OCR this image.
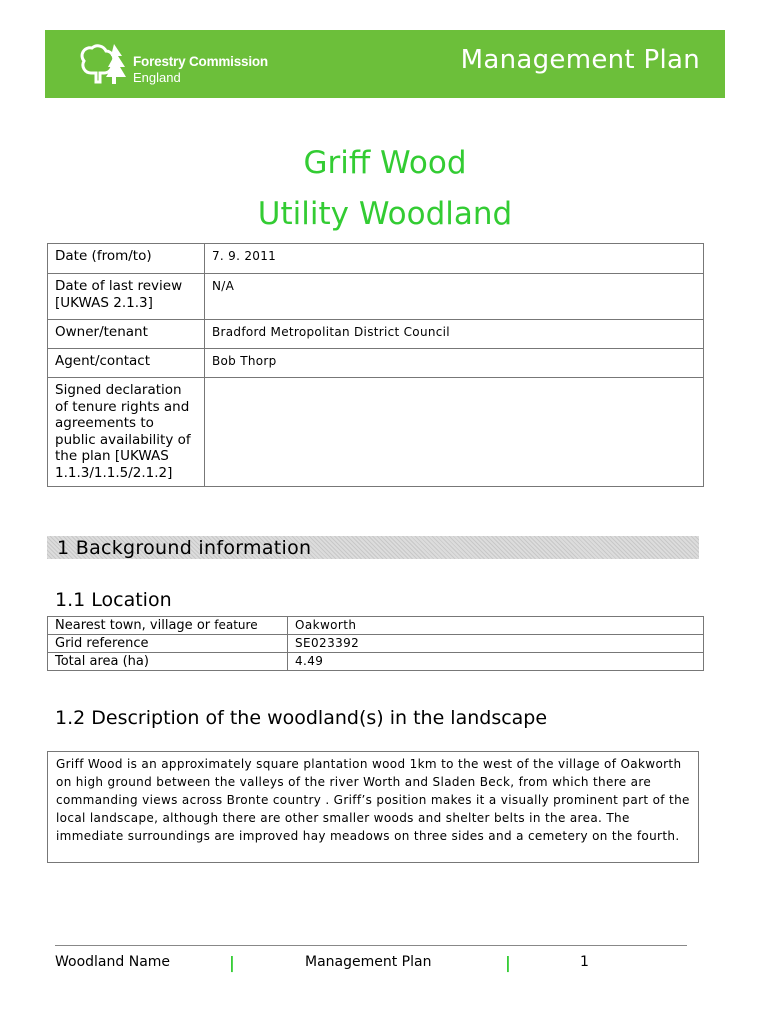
Forestry Commission
England
Management Plan
Griff Wood
Utility Woodland
Date (from/to)	7. 9. 2011
Date of last review [UKWAS 2.1.3]	N/A
Owner/tenant	Bradford Metropolitan District Council
Agent/contact	Bob Thorp
Signed declaration of tenure rights and agreements to public availability of the plan [UKWAS 1.1.3/1.1.5/2.1.2]	
1 Background information
1.1 Location
Nearest town, village or feature	Oakworth
Grid reference	SE023392
Total area (ha)	4.49
1.2 Description of the woodland(s) in the landscape
Griff Wood is an approximately square plantation wood 1km to the west of the village of Oakworth on high ground between the valleys of the river Worth and Sladen Beck, from which there are commanding views across Bronte country . Griff’s position makes it a visually prominent part of the local landscape, although there are other smaller woods and shelter belts in the area. The immediate surroundings are improved hay meadows on three sides and a cemetery on the fourth.
Woodland Name	|	Management Plan	|	1
